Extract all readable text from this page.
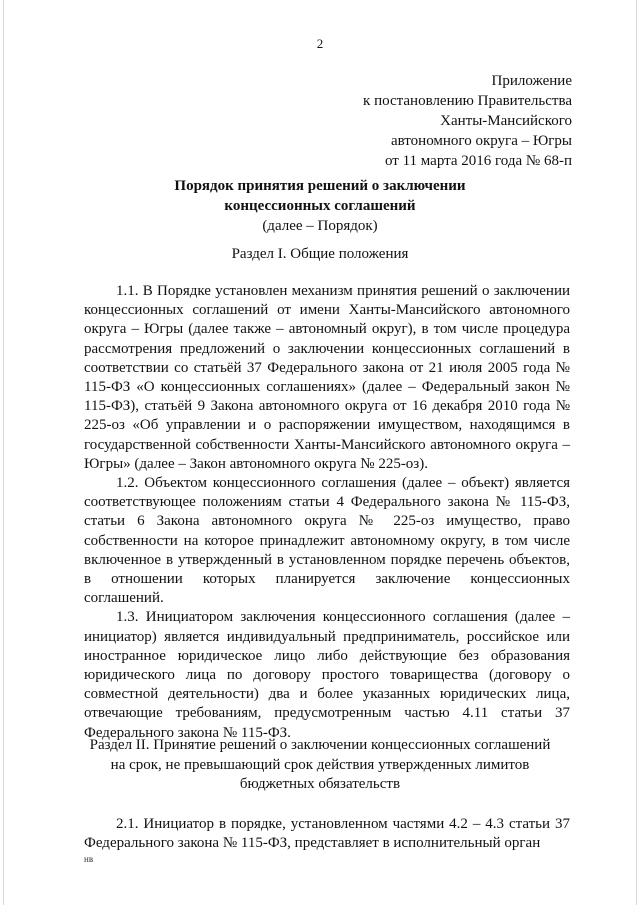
2
Приложение
к постановлению Правительства
Ханты-Мансийского
автономного округа – Югры
от 11 марта 2016 года № 68-п
Порядок принятия решений о заключении
концессионных соглашений
(далее – Порядок)
Раздел I. Общие положения

1.1. В Порядке установлен механизм принятия решений о заключении концессионных соглашений от имени Ханты-Мансийского автономного округа – Югры (далее также – автономный округ), в том числе процедура рассмотрения предложений о заключении концессионных соглашений в соответствии со статьёй 37 Федерального закона от 21 июля 2005 года № 115-ФЗ «О концессионных соглашениях» (далее – Федеральный закон № 115-ФЗ), статьёй 9 Закона автономного округа от 16 декабря 2010 года № 225-оз «Об управлении и о распоряжении имуществом, находящимся в государственной собственности Ханты-Мансийского автономного округа – Югры» (далее – Закон автономного округа № 225-оз).

1.2. Объектом концессионного соглашения (далее – объект) является соответствующее положениям статьи 4 Федерального закона № 115-ФЗ, статьи 6 Закона автономного округа № 225-оз имущество, право собственности на которое принадлежит автономному округу, в том числе включенное в утвержденный в установленном порядке перечень объектов, в отношении которых планируется заключение концессионных соглашений.

1.3. Инициатором заключения концессионного соглашения (далее – инициатор) является индивидуальный предприниматель, российское или иностранное юридическое лицо либо действующие без образования юридического лица по договору простого товарищества (договору о совместной деятельности) два и более указанных юридических лица, отвечающие требованиям, предусмотренным частью 4.11 статьи 37 Федерального закона № 115-ФЗ.

Раздел II. Принятие решений о заключении концессионных соглашений
на срок, не превышающий срок действия утвержденных лимитов
бюджетных обязательств

2.1. Инициатор в порядке, установленном частями 4.2 – 4.3 статьи 37 Федерального закона № 115-ФЗ, представляет в исполнительный орган

нв
